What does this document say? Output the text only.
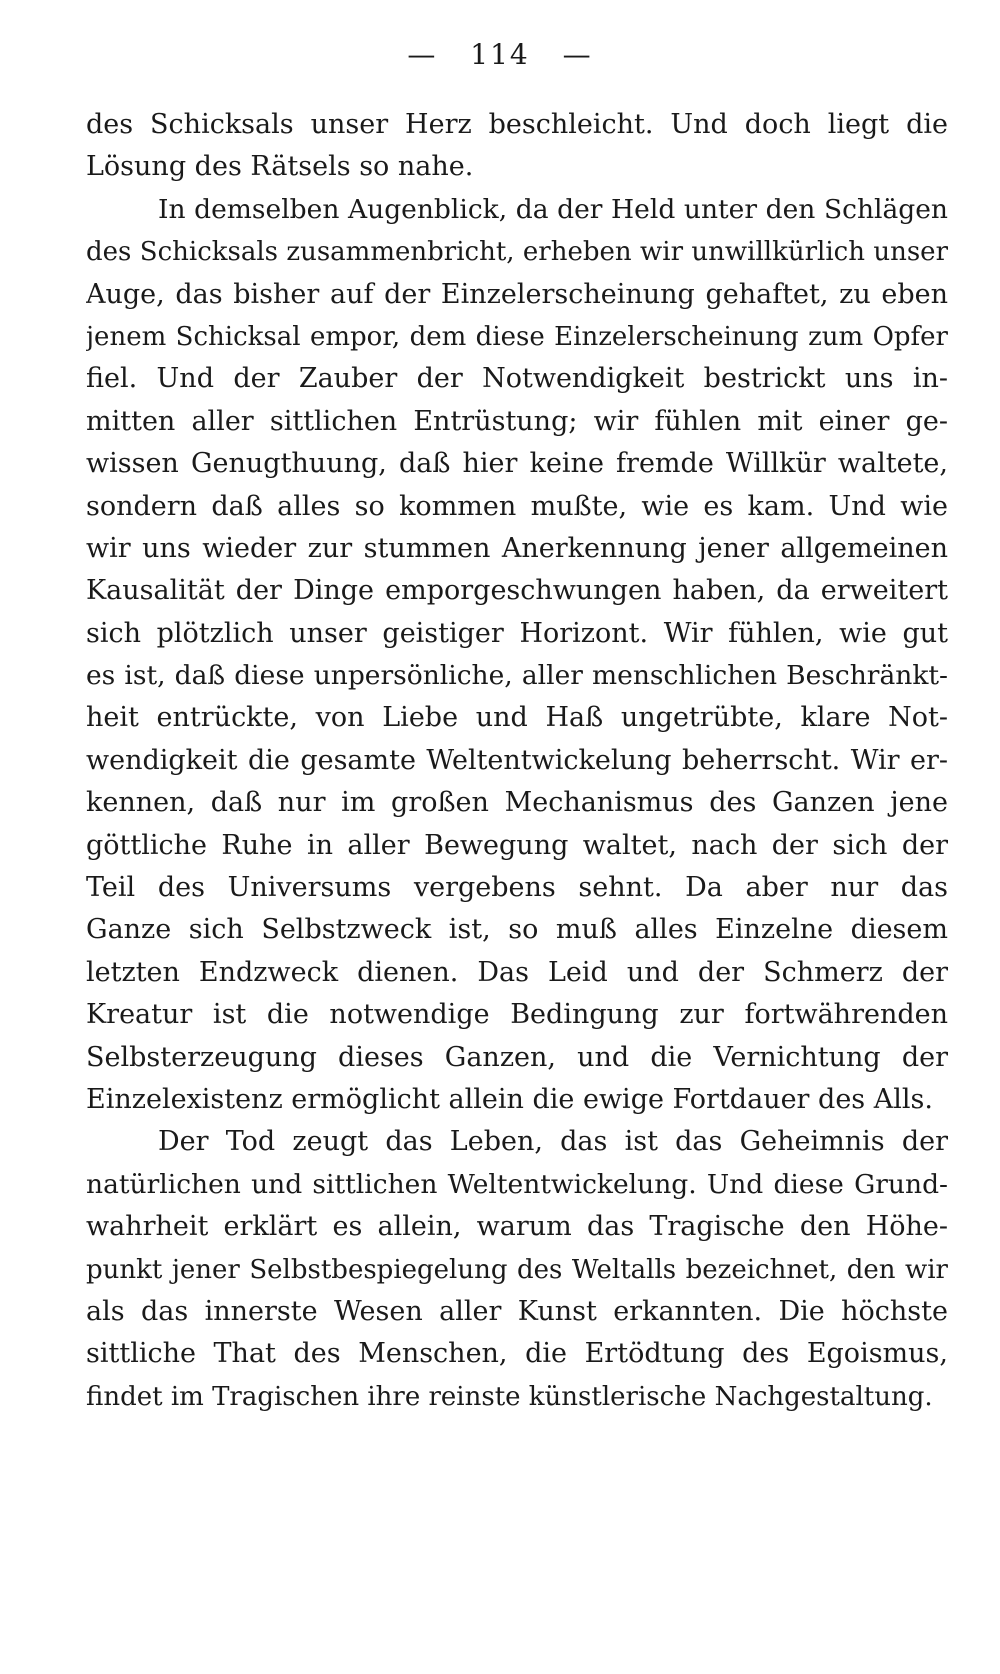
— 114 —
des Schicksals unser Herz beschleicht. Und doch liegt die
Lösung des Rätsels so nahe.
In demselben Augenblick, da der Held unter den Schlägen
des Schicksals zusammenbricht, erheben wir unwillkürlich unser
Auge, das bisher auf der Einzelerscheinung gehaftet, zu eben
jenem Schicksal empor, dem diese Einzelerscheinung zum Opfer
fiel. Und der Zauber der Notwendigkeit bestrickt uns in-
mitten aller sittlichen Entrüstung; wir fühlen mit einer ge-
wissen Genugthuung, daß hier keine fremde Willkür waltete,
sondern daß alles so kommen mußte, wie es kam. Und wie
wir uns wieder zur stummen Anerkennung jener allgemeinen
Kausalität der Dinge emporgeschwungen haben, da erweitert
sich plötzlich unser geistiger Horizont. Wir fühlen, wie gut
es ist, daß diese unpersönliche, aller menschlichen Beschränkt-
heit entrückte, von Liebe und Haß ungetrübte, klare Not-
wendigkeit die gesamte Weltentwickelung beherrscht. Wir er-
kennen, daß nur im großen Mechanismus des Ganzen jene
göttliche Ruhe in aller Bewegung waltet, nach der sich der
Teil des Universums vergebens sehnt. Da aber nur das
Ganze sich Selbstzweck ist, so muß alles Einzelne diesem
letzten Endzweck dienen. Das Leid und der Schmerz der
Kreatur ist die notwendige Bedingung zur fortwährenden
Selbsterzeugung dieses Ganzen, und die Vernichtung der
Einzelexistenz ermöglicht allein die ewige Fortdauer des Alls.
Der Tod zeugt das Leben, das ist das Geheimnis der
natürlichen und sittlichen Weltentwickelung. Und diese Grund-
wahrheit erklärt es allein, warum das Tragische den Höhe-
punkt jener Selbstbespiegelung des Weltalls bezeichnet, den wir
als das innerste Wesen aller Kunst erkannten. Die höchste
sittliche That des Menschen, die Ertödtung des Egoismus,
findet im Tragischen ihre reinste künstlerische Nachgestaltung.
